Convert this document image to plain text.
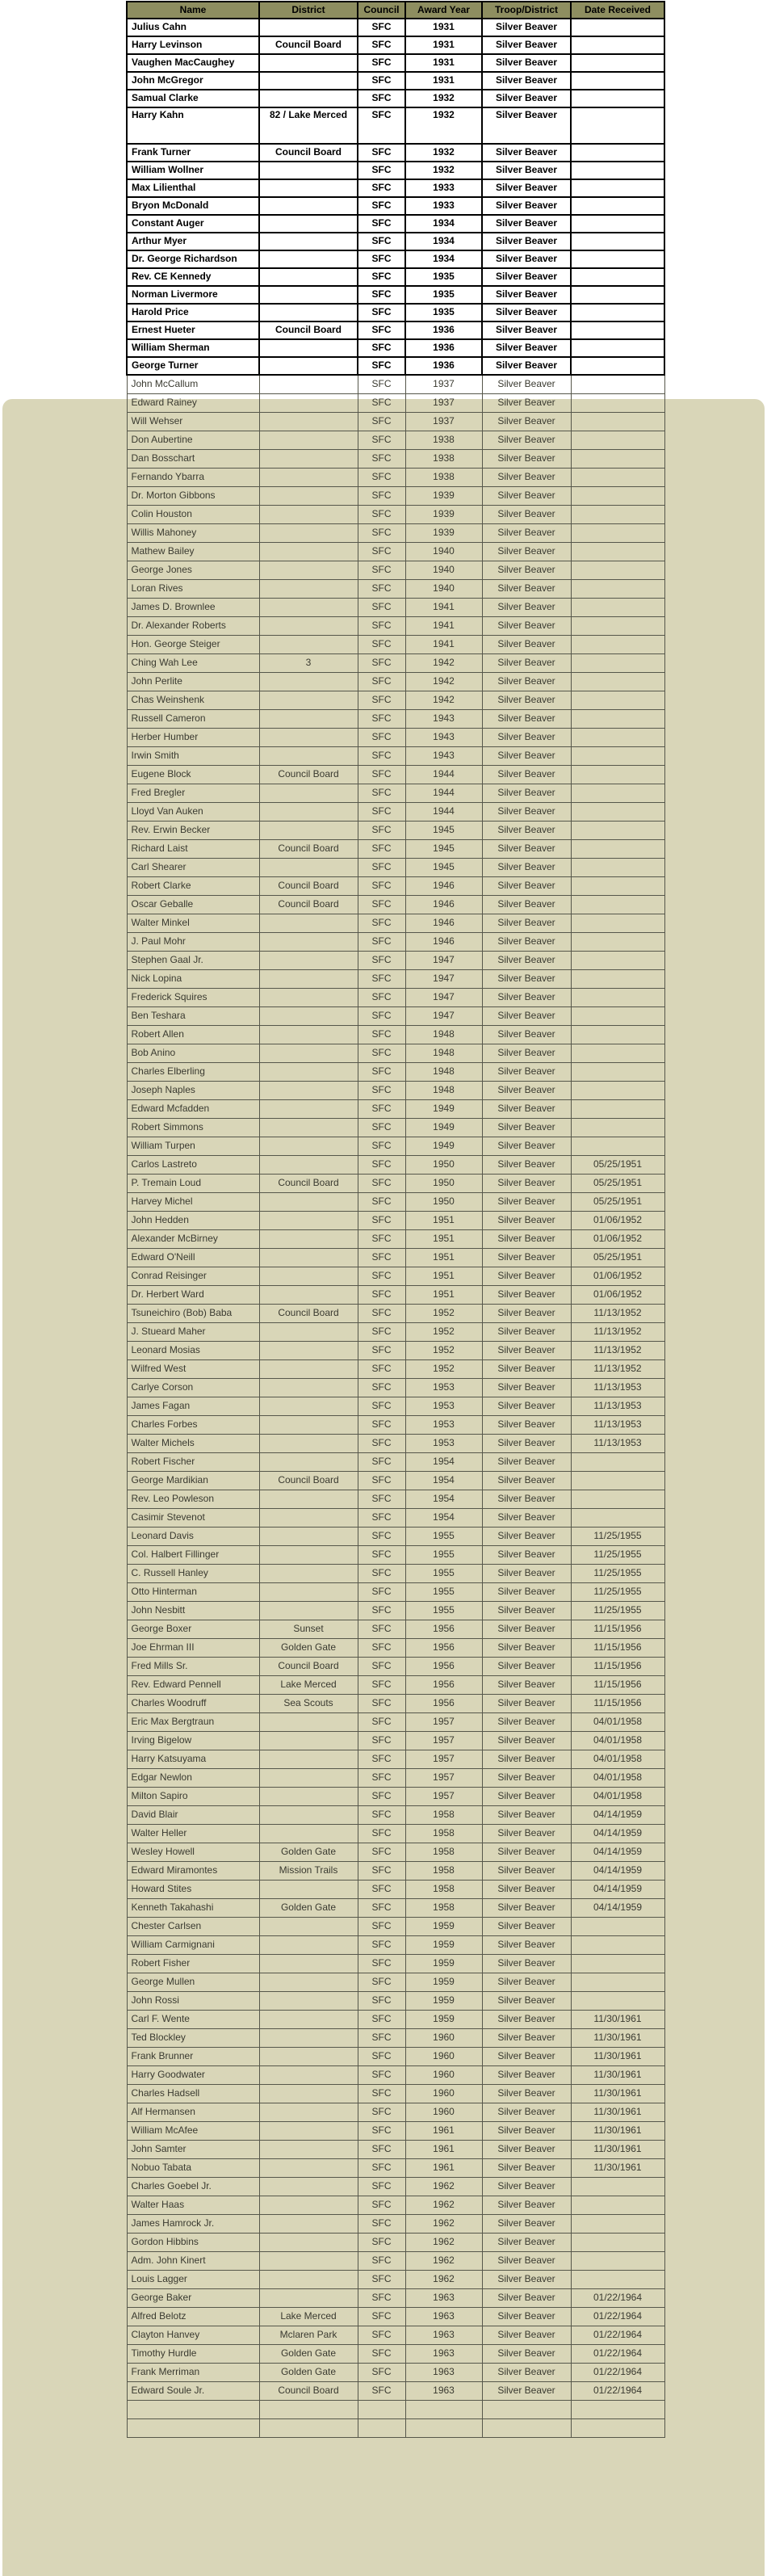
Name	District	Council	Award Year	Troop/District	Date Received
Julius Cahn		SFC	1931	Silver Beaver	
Harry Levinson	Council Board	SFC	1931	Silver Beaver	
Vaughen MacCaughey		SFC	1931	Silver Beaver	
John McGregor		SFC	1931	Silver Beaver	
Samual Clarke		SFC	1932	Silver Beaver	
Harry Kahn	82 / Lake Merced	SFC	1932	Silver Beaver	
Frank Turner	Council Board	SFC	1932	Silver Beaver	
William Wollner		SFC	1932	Silver Beaver	
Max Lilienthal		SFC	1933	Silver Beaver	
Bryon McDonald		SFC	1933	Silver Beaver	
Constant Auger		SFC	1934	Silver Beaver	
Arthur Myer		SFC	1934	Silver Beaver	
Dr. George Richardson		SFC	1934	Silver Beaver	
Rev. CE Kennedy		SFC	1935	Silver Beaver	
Norman Livermore		SFC	1935	Silver Beaver	
Harold Price		SFC	1935	Silver Beaver	
Ernest Hueter	Council Board	SFC	1936	Silver Beaver	
William Sherman		SFC	1936	Silver Beaver	
George Turner		SFC	1936	Silver Beaver	
John McCallum		SFC	1937	Silver Beaver	
Edward Rainey		SFC	1937	Silver Beaver	
Will Wehser		SFC	1937	Silver Beaver	
Don Aubertine		SFC	1938	Silver Beaver	
Dan Bosschart		SFC	1938	Silver Beaver	
Fernando Ybarra		SFC	1938	Silver Beaver	
Dr. Morton Gibbons		SFC	1939	Silver Beaver	
Colin Houston		SFC	1939	Silver Beaver	
Willis Mahoney		SFC	1939	Silver Beaver	
Mathew Bailey		SFC	1940	Silver Beaver	
George Jones		SFC	1940	Silver Beaver	
Loran Rives		SFC	1940	Silver Beaver	
James D. Brownlee		SFC	1941	Silver Beaver	
Dr. Alexander Roberts		SFC	1941	Silver Beaver	
Hon. George Steiger		SFC	1941	Silver Beaver	
Ching Wah Lee	3	SFC	1942	Silver Beaver	
John Perlite		SFC	1942	Silver Beaver	
Chas Weinshenk		SFC	1942	Silver Beaver	
Russell Cameron		SFC	1943	Silver Beaver	
Herber Humber		SFC	1943	Silver Beaver	
Irwin Smith		SFC	1943	Silver Beaver	
Eugene Block	Council Board	SFC	1944	Silver Beaver	
Fred Bregler		SFC	1944	Silver Beaver	
Lloyd Van Auken		SFC	1944	Silver Beaver	
Rev. Erwin Becker		SFC	1945	Silver Beaver	
Richard Laist	Council Board	SFC	1945	Silver Beaver	
Carl Shearer		SFC	1945	Silver Beaver	
Robert Clarke	Council Board	SFC	1946	Silver Beaver	
Oscar Geballe	Council Board	SFC	1946	Silver Beaver	
Walter Minkel		SFC	1946	Silver Beaver	
J. Paul Mohr		SFC	1946	Silver Beaver	
Stephen Gaal Jr.		SFC	1947	Silver Beaver	
Nick Lopina		SFC	1947	Silver Beaver	
Frederick Squires		SFC	1947	Silver Beaver	
Ben Teshara		SFC	1947	Silver Beaver	
Robert Allen		SFC	1948	Silver Beaver	
Bob Anino		SFC	1948	Silver Beaver	
Charles Elberling		SFC	1948	Silver Beaver	
Joseph Naples		SFC	1948	Silver Beaver	
Edward Mcfadden		SFC	1949	Silver Beaver	
Robert Simmons		SFC	1949	Silver Beaver	
William Turpen		SFC	1949	Silver Beaver	
Carlos Lastreto		SFC	1950	Silver Beaver	05/25/1951
P. Tremain Loud	Council Board	SFC	1950	Silver Beaver	05/25/1951
Harvey Michel		SFC	1950	Silver Beaver	05/25/1951
John Hedden		SFC	1951	Silver Beaver	01/06/1952
Alexander McBirney		SFC	1951	Silver Beaver	01/06/1952
Edward O'Neill		SFC	1951	Silver Beaver	05/25/1951
Conrad Reisinger		SFC	1951	Silver Beaver	01/06/1952
Dr. Herbert Ward		SFC	1951	Silver Beaver	01/06/1952
Tsuneichiro (Bob) Baba	Council Board	SFC	1952	Silver Beaver	11/13/1952
J. Stueard Maher		SFC	1952	Silver Beaver	11/13/1952
Leonard Mosias		SFC	1952	Silver Beaver	11/13/1952
Wilfred West		SFC	1952	Silver Beaver	11/13/1952
Carlye Corson		SFC	1953	Silver Beaver	11/13/1953
James Fagan		SFC	1953	Silver Beaver	11/13/1953
Charles Forbes		SFC	1953	Silver Beaver	11/13/1953
Walter Michels		SFC	1953	Silver Beaver	11/13/1953
Robert Fischer		SFC	1954	Silver Beaver	
George Mardikian	Council Board	SFC	1954	Silver Beaver	
Rev. Leo Powleson		SFC	1954	Silver Beaver	
Casimir Stevenot		SFC	1954	Silver Beaver	
Leonard Davis		SFC	1955	Silver Beaver	11/25/1955
Col. Halbert Fillinger		SFC	1955	Silver Beaver	11/25/1955
C. Russell Hanley		SFC	1955	Silver Beaver	11/25/1955
Otto Hinterman		SFC	1955	Silver Beaver	11/25/1955
John Nesbitt		SFC	1955	Silver Beaver	11/25/1955
George Boxer	Sunset	SFC	1956	Silver Beaver	11/15/1956
Joe Ehrman III	Golden Gate	SFC	1956	Silver Beaver	11/15/1956
Fred Mills Sr.	Council Board	SFC	1956	Silver Beaver	11/15/1956
Rev. Edward Pennell	Lake Merced	SFC	1956	Silver Beaver	11/15/1956
Charles Woodruff	Sea Scouts	SFC	1956	Silver Beaver	11/15/1956
Eric Max Bergtraun		SFC	1957	Silver Beaver	04/01/1958
Irving Bigelow		SFC	1957	Silver Beaver	04/01/1958
Harry Katsuyama		SFC	1957	Silver Beaver	04/01/1958
Edgar Newlon		SFC	1957	Silver Beaver	04/01/1958
Milton Sapiro		SFC	1957	Silver Beaver	04/01/1958
David Blair		SFC	1958	Silver Beaver	04/14/1959
Walter Heller		SFC	1958	Silver Beaver	04/14/1959
Wesley Howell	Golden Gate	SFC	1958	Silver Beaver	04/14/1959
Edward Miramontes	Mission Trails	SFC	1958	Silver Beaver	04/14/1959
Howard Stites		SFC	1958	Silver Beaver	04/14/1959
Kenneth Takahashi	Golden Gate	SFC	1958	Silver Beaver	04/14/1959
Chester Carlsen		SFC	1959	Silver Beaver	
William Carmignani		SFC	1959	Silver Beaver	
Robert Fisher		SFC	1959	Silver Beaver	
George Mullen		SFC	1959	Silver Beaver	
John Rossi		SFC	1959	Silver Beaver	
Carl F. Wente		SFC	1959	Silver Beaver	11/30/1961
Ted Blockley		SFC	1960	Silver Beaver	11/30/1961
Frank Brunner		SFC	1960	Silver Beaver	11/30/1961
Harry Goodwater		SFC	1960	Silver Beaver	11/30/1961
Charles Hadsell		SFC	1960	Silver Beaver	11/30/1961
Alf Hermansen		SFC	1960	Silver Beaver	11/30/1961
William McAfee		SFC	1961	Silver Beaver	11/30/1961
John Samter		SFC	1961	Silver Beaver	11/30/1961
Nobuo Tabata		SFC	1961	Silver Beaver	11/30/1961
Charles Goebel Jr.		SFC	1962	Silver Beaver	
Walter Haas		SFC	1962	Silver Beaver	
James Hamrock Jr.		SFC	1962	Silver Beaver	
Gordon Hibbins		SFC	1962	Silver Beaver	
Adm. John Kinert		SFC	1962	Silver Beaver	
Louis Lagger		SFC	1962	Silver Beaver	
George Baker		SFC	1963	Silver Beaver	01/22/1964
Alfred Belotz	Lake Merced	SFC	1963	Silver Beaver	01/22/1964
Clayton Hanvey	Mclaren Park	SFC	1963	Silver Beaver	01/22/1964
Timothy Hurdle	Golden Gate	SFC	1963	Silver Beaver	01/22/1964
Frank Merriman	Golden Gate	SFC	1963	Silver Beaver	01/22/1964
Edward Soule Jr.	Council Board	SFC	1963	Silver Beaver	01/22/1964
